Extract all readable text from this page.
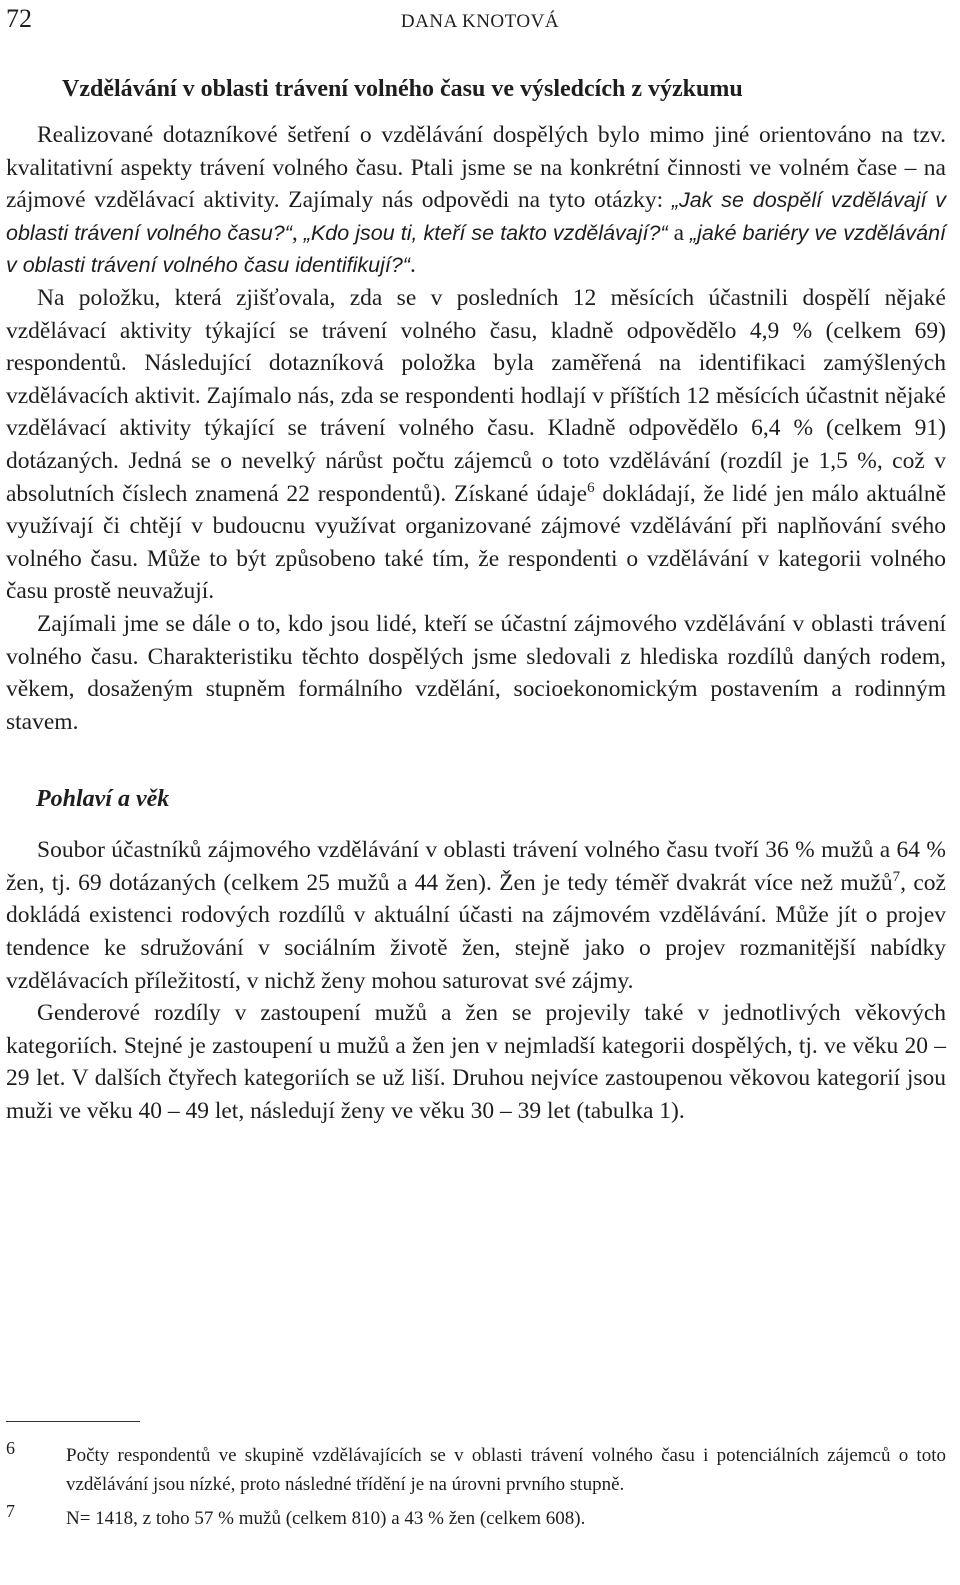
72	DANA KNOTOVÁ
Vzdělávání v oblasti trávení volného času ve výsledcích z výzkumu

Realizované dotazníkové šetření o vzdělávání dospělých bylo mimo jiné orientováno na tzv. kvalitativní aspekty trávení volného času. Ptali jsme se na konkrétní činnosti ve volném čase – na zájmové vzdělávací aktivity. Zajímaly nás odpovědi na tyto otázky: „Jak se dospělí vzdělávají v oblasti trávení volného času?“, „Kdo jsou ti, kteří se takto vzdělávají?“ a „jaké bariéry ve vzdělávání v oblasti trávení volného času identifikují?“.

Na položku, která zjišťovala, zda se v posledních 12 měsících účastnili dospělí nějaké vzdělávací aktivity týkající se trávení volného času, kladně odpovědělo 4,9 % (celkem 69) respondentů. Následující dotazníková položka byla zaměřená na identifikaci zamýšlených vzdělávacích aktivit. Zajímalo nás, zda se respondenti hodlají v příštích 12 měsících účastnit nějaké vzdělávací aktivity týkající se trávení volného času. Kladně odpovědělo 6,4 % (celkem 91) dotázaných. Jedná se o nevelký nárůst počtu zájemců o toto vzdělávání (rozdíl je 1,5 %, což v absolutních číslech znamená 22 respondentů). Získané údaje$^6$ dokládají, že lidé jen málo aktuálně využívají či chtějí v budoucnu využívat organizované zájmové vzdělávání při naplňování svého volného času. Může to být způsobeno také tím, že respondenti o vzdělávání v kategorii volného času prostě neuvažují.

Zajímali jme se dále o to, kdo jsou lidé, kteří se účastní zájmového vzdělávání v oblasti trávení volného času. Charakteristiku těchto dospělých jsme sledovali z hlediska rozdílů daných rodem, věkem, dosaženým stupněm formálního vzdělání, socioekonomickým postavením a rodinným stavem.

Pohlaví a věk

Soubor účastníků zájmového vzdělávání v oblasti trávení volného času tvoří 36 % mužů a 64 % žen, tj. 69 dotázaných (celkem 25 mužů a 44 žen). Žen je tedy téměř dvakrát více než mužů$^7$, což dokládá existenci rodových rozdílů v aktuální účasti na zájmovém vzdělávání. Může jít o projev tendence ke sdružování v sociálním životě žen, stejně jako o projev rozmanitější nabídky vzdělávacích příležitostí, v nichž ženy mohou saturovat své zájmy.

Genderové rozdíly v zastoupení mužů a žen se projevily také v jednotlivých věkových kategoriích. Stejné je zastoupení u mužů a žen jen v nejmladší kategorii dospělých, tj. ve věku 20 – 29 let. V dalších čtyřech kategoriích se už liší. Druhou nejvíce zastoupenou věkovou kategorií jsou muži ve věku 40 – 49 let, následují ženy ve věku 30 – 39 let (tabulka 1).

6	Počty respondentů ve skupině vzdělávajících se v oblasti trávení volného času i potenciálních zájemců o toto vzdělávání jsou nízké, proto následné třídění je na úrovni prvního stupně.
7	N= 1418, z toho 57 % mužů (celkem 810) a 43 % žen (celkem 608).
